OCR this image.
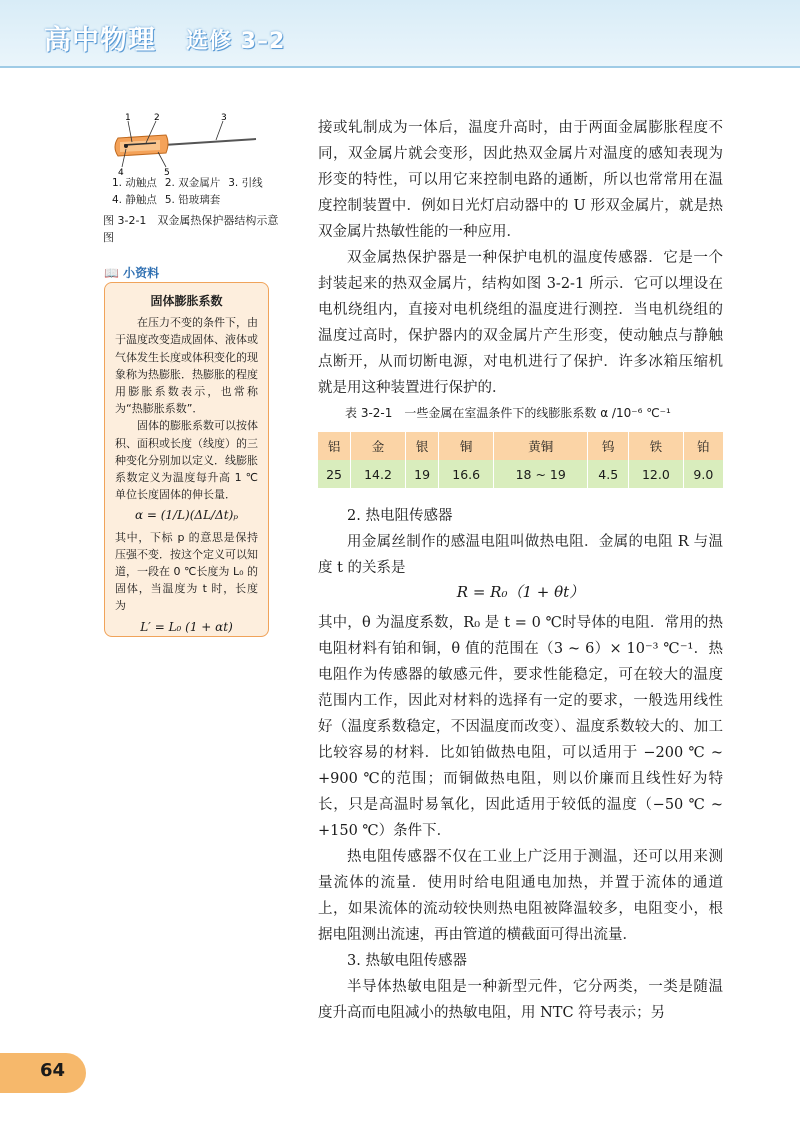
高中物理 选修 3–2
1	2	3
4	5
1. 动触点 2. 双金属片 3. 引线
4. 静触点 5. 铅玻璃套
图 3-2-1　双金属热保护器结构示意图
📖 小资料
固体膨胀系数

在压力不变的条件下，由于温度改变造成固体、液体或气体发生长度或体积变化的现象称为热膨胀．热膨胀的程度用膨胀系数表示，也常称为“热膨胀系数”．

固体的膨胀系数可以按体积、面积或长度（线度）的三种变化分别加以定义．线膨胀系数定义为温度每升高 1 ℃单位长度固体的伸长量．

α = (1/L)(ΔL/Δt)ₚ

其中，下标 p 的意思是保持压强不变．按这个定义可以知道，一段在 0 ℃长度为 L₀ 的固体，当温度为 t 时，长度为

L′ = L₀ (1 + αt)

接或轧制成为一体后，温度升高时，由于两面金属膨胀程度不同，双金属片就会变形，因此热双金属片对温度的感知表现为形变的特性，可以用它来控制电路的通断，所以也常常用在温度控制装置中．例如日光灯启动器中的 U 形双金属片，就是热双金属片热敏性能的一种应用．

双金属热保护器是一种保护电机的温度传感器．它是一个封装起来的热双金属片，结构如图 3-2-1 所示．它可以埋设在电机绕组内，直接对电机绕组的温度进行测控．当电机绕组的温度过高时，保护器内的双金属片产生形变，使动触点与静触点断开，从而切断电源，对电机进行了保护．许多冰箱压缩机就是用这种装置进行保护的．

表 3-2-1　一些金属在室温条件下的线膨胀系数 α /10⁻⁶ ℃⁻¹
铝	金	银	铜	黄铜	钨	铁	铂
25	14.2	19	16.6	18 ~ 19	4.5	12.0	9.0

2. 热电阻传感器

用金属丝制作的感温电阻叫做热电阻．金属的电阻 R 与温度 t 的关系是

R = R₀（1 + θt）

其中，θ 为温度系数，R₀ 是 t = 0 ℃时导体的电阻．常用的热电阻材料有铂和铜，θ 值的范围在（3 ~ 6）× 10⁻³ ℃⁻¹．热电阻作为传感器的敏感元件，要求性能稳定，可在较大的温度范围内工作，因此对材料的选择有一定的要求，一般选用线性好（温度系数稳定，不因温度而改变）、温度系数较大的、加工比较容易的材料．比如铂做热电阻，可以适用于 −200 ℃ ~ +900 ℃的范围；而铜做热电阻，则以价廉而且线性好为特长，只是高温时易氧化，因此适用于较低的温度（−50 ℃ ~ +150 ℃）条件下．

热电阻传感器不仅在工业上广泛用于测温，还可以用来测量流体的流量．使用时给电阻通电加热，并置于流体的通道上，如果流体的流动较快则热电阻被降温较多，电阻变小，根据电阻测出流速，再由管道的横截面可得出流量．

3. 热敏电阻传感器

半导体热敏电阻是一种新型元件，它分两类，一类是随温度升高而电阻减小的热敏电阻，用 NTC 符号表示；另

64
